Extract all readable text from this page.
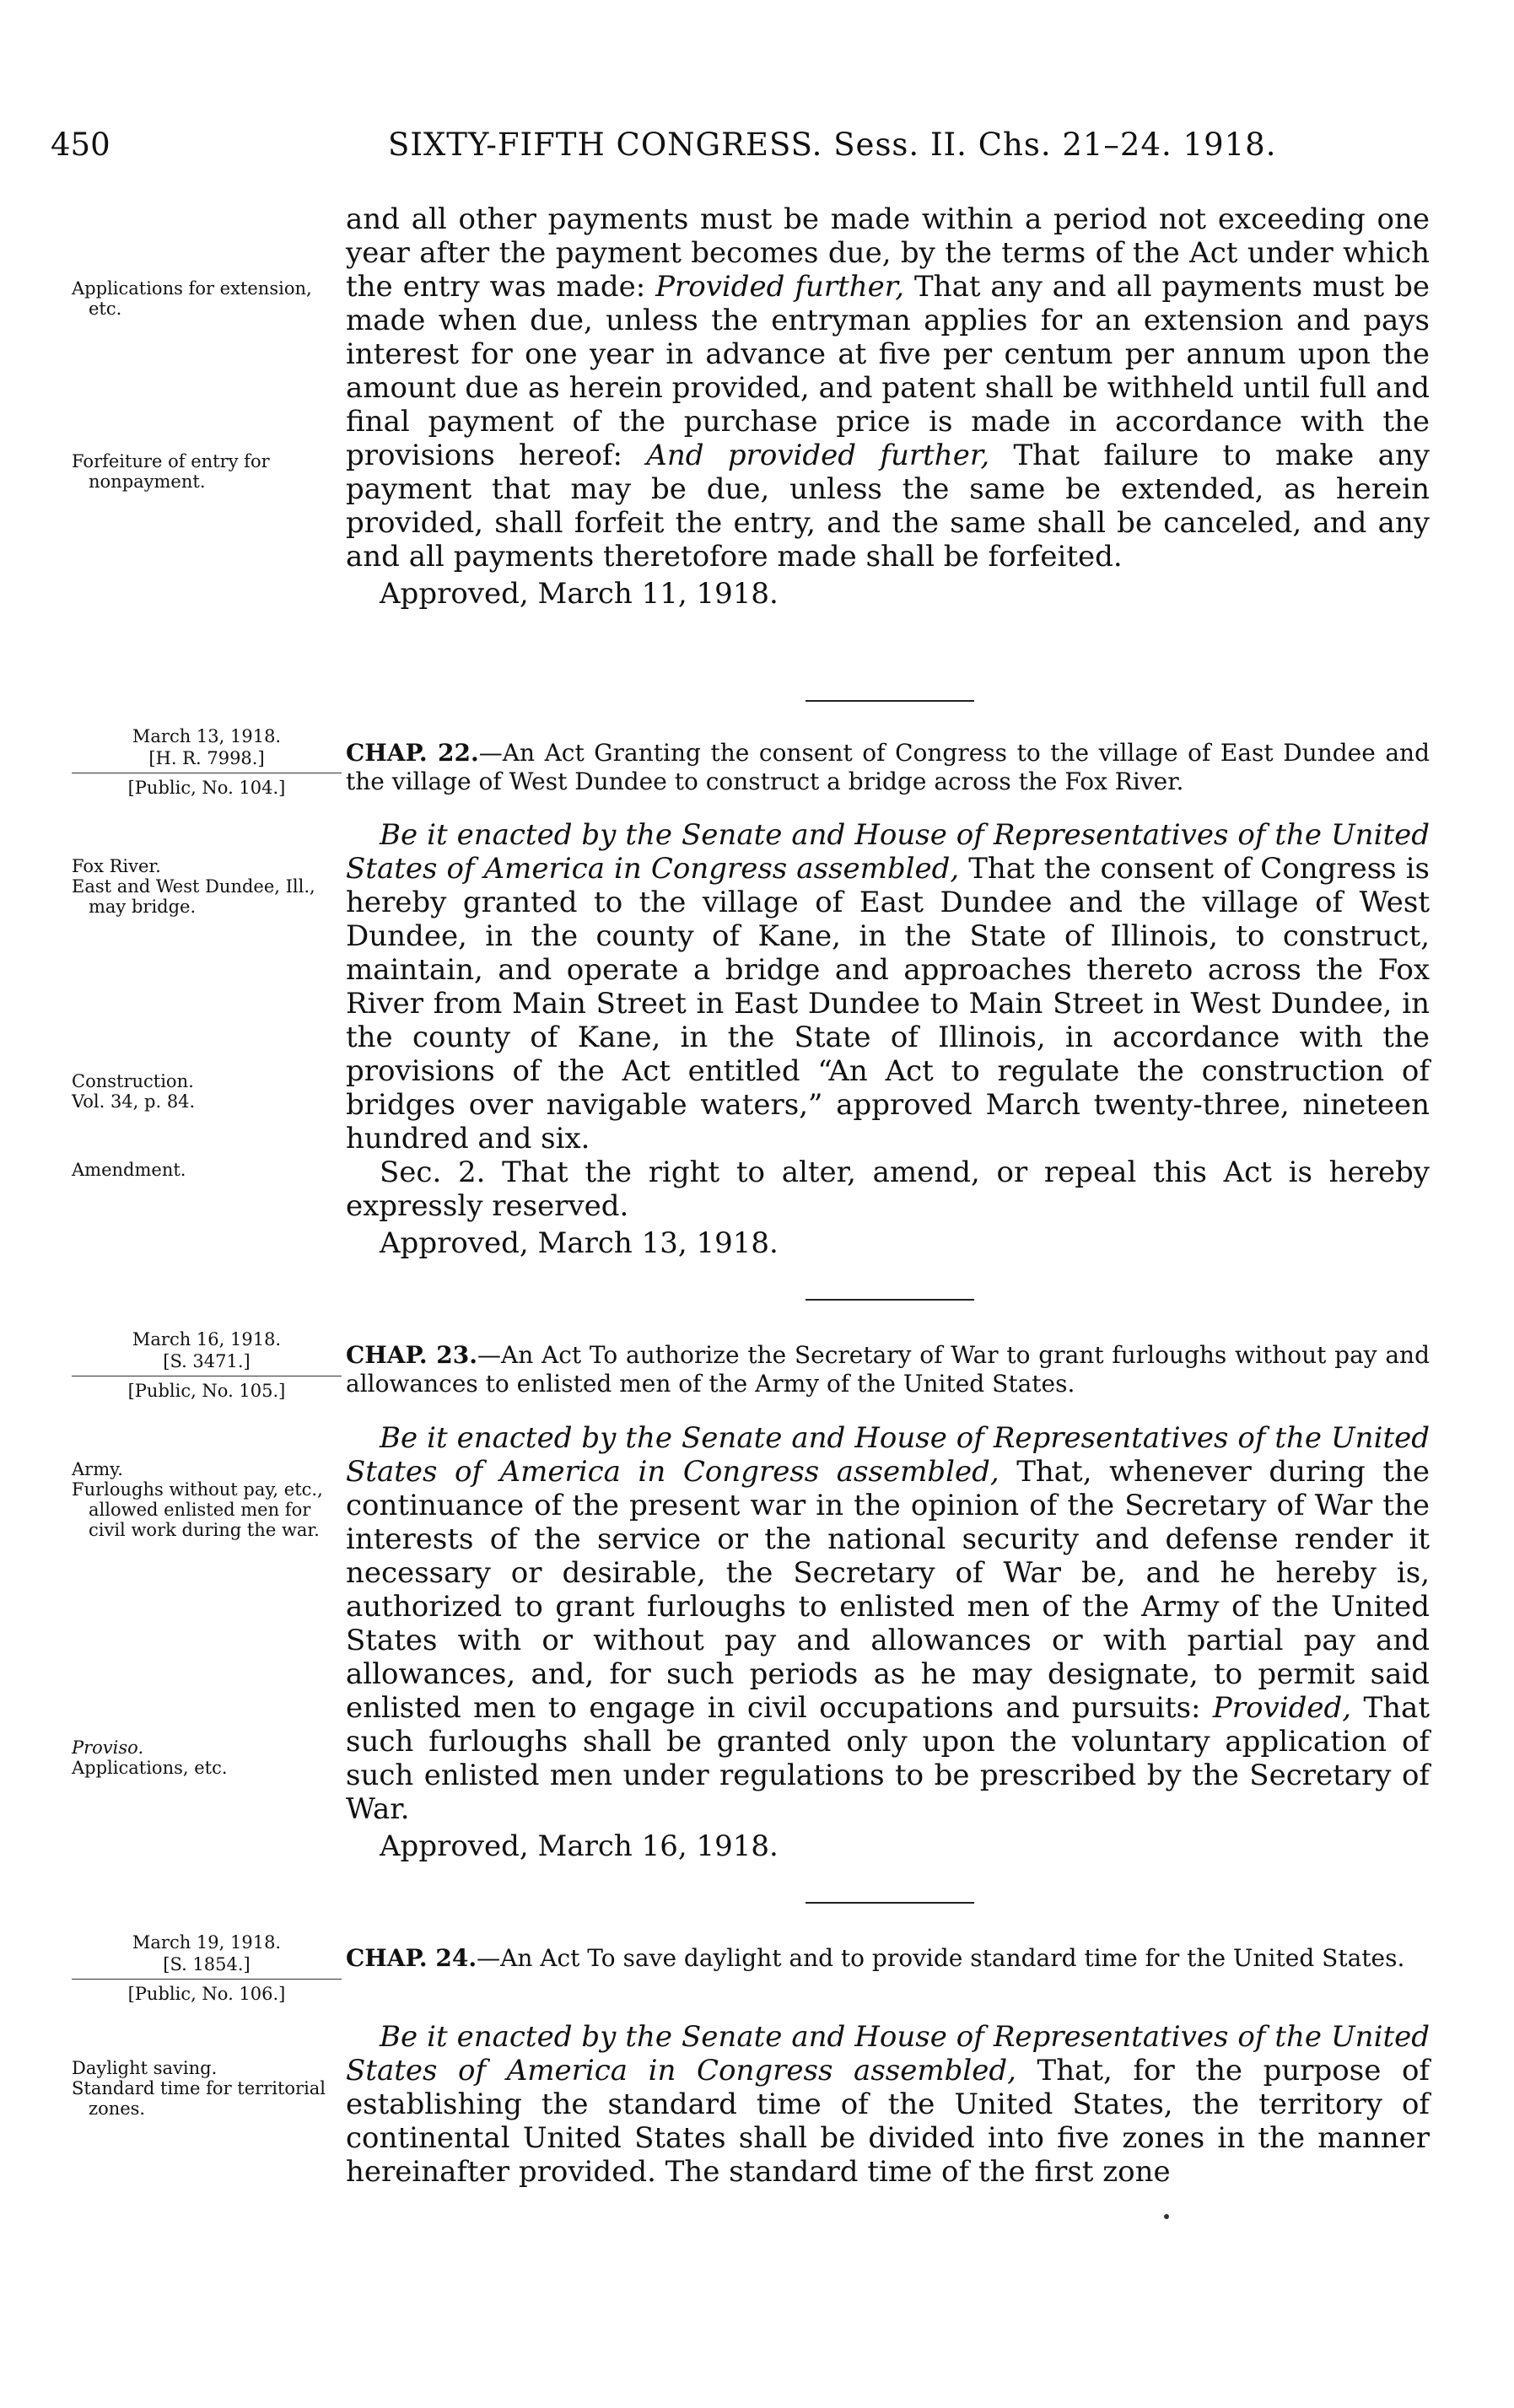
450	SIXTY-FIFTH CONGRESS. Sess. II. Chs. 21–24. 1918.

and all other payments must be made within a period not exceeding one year after the payment becomes due, by the terms of the Act under which the entry was made: Provided further, That any and all payments must be made when due, unless the entryman applies for an extension and pays interest for one year in advance at five per centum per annum upon the amount due as herein provided, and patent shall be withheld until full and final payment of the purchase price is made in accordance with the provisions hereof: And provided further, That failure to make any payment that may be due, unless the same be extended, as herein provided, shall forfeit the entry, and the same shall be canceled, and any and all payments theretofore made shall be forfeited.

Approved, March 11, 1918.

Applications for extension, etc.
Forfeiture of entry for nonpayment.
March 13, 1918.
[H. R. 7998.]
[Public, No. 104.]
CHAP. 22.—An Act Granting the consent of Congress to the village of East Dundee and the village of West Dundee to construct a bridge across the Fox River.

Be it enacted by the Senate and House of Representatives of the United States of America in Congress assembled, That the consent of Congress is hereby granted to the village of East Dundee and the village of West Dundee, in the county of Kane, in the State of Illinois, to construct, maintain, and operate a bridge and approaches thereto across the Fox River from Main Street in East Dundee to Main Street in West Dundee, in the county of Kane, in the State of Illinois, in accordance with the provisions of the Act entitled “An Act to regulate the construction of bridges over navigable waters,” approved March twenty-three, nineteen hundred and six.

Sec. 2. That the right to alter, amend, or repeal this Act is hereby expressly reserved.

Approved, March 13, 1918.

Fox River.
East and West Dundee, Ill., may bridge.
Construction.
Vol. 34, p. 84.
Amendment.
March 16, 1918.
[S. 3471.]
[Public, No. 105.]
CHAP. 23.—An Act To authorize the Secretary of War to grant furloughs without pay and allowances to enlisted men of the Army of the United States.

Be it enacted by the Senate and House of Representatives of the United States of America in Congress assembled, That, whenever during the continuance of the present war in the opinion of the Secretary of War the interests of the service or the national security and defense render it necessary or desirable, the Secretary of War be, and he hereby is, authorized to grant furloughs to enlisted men of the Army of the United States with or without pay and allowances or with partial pay and allowances, and, for such periods as he may designate, to permit said enlisted men to engage in civil occupations and pursuits: Provided, That such furloughs shall be granted only upon the voluntary application of such enlisted men under regulations to be prescribed by the Secretary of War.

Approved, March 16, 1918.

Army.
Furloughs without pay, etc., allowed enlisted men for civil work during the war.
Proviso.
Applications, etc.
March 19, 1918.
[S. 1854.]
[Public, No. 106.]
CHAP. 24.—An Act To save daylight and to provide standard time for the United States.

Be it enacted by the Senate and House of Representatives of the United States of America in Congress assembled, That, for the purpose of establishing the standard time of the United States, the territory of continental United States shall be divided into five zones in the manner hereinafter provided. The standard time of the first zone

Daylight saving.
Standard time for territorial zones.
